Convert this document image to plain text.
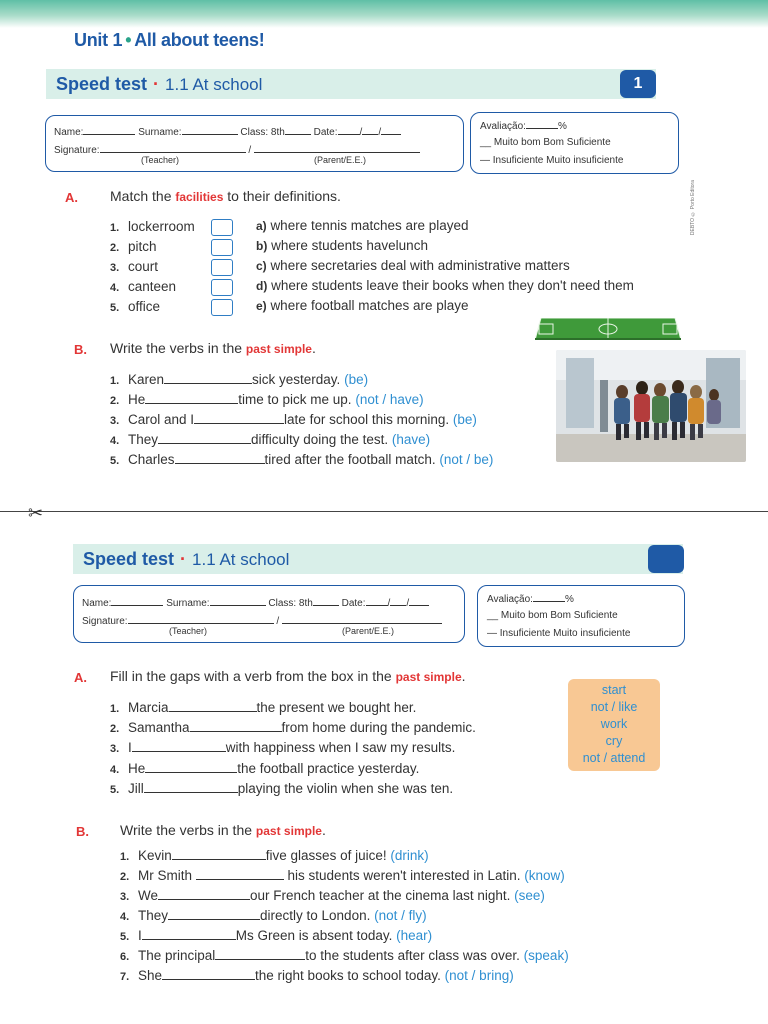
Unit 1 • All about teens!
Speed test · 1.1 At school	1
Name:	Surname:	Class: 8th	Date: / /
Signature:	/
(Teacher)	(Parent/E.E.)
Avaliação:	%
__ Muito bom Bom Suficiente
— Insuficiente Muito insuficiente
DEBTO © Porto Editora
A. Match the facilities to their definitions.
1. lockerroom
2. pitch
3. court
4. canteen
5. office
a) where tennis matches are played
b) where students havelunch
c) where secretaries deal with administrative matters
d) where students leave their books when they don't need them
e) where football matches are playe
B. Write the verbs in the past simple.
1. Karen	sick yesterday. (be)
2. He	time to pick me up. (not / have)
3. Carol and I	late for school this morning. (be)
4. They	difficulty doing the test. (have)
5. Charles	tired after the football match. (not / be)
✂
Speed test · 1.1 At school
Name:	Surname:	Class: 8th	Date: / /
Signature:	/
(Teacher)	(Parent/E.E.)
Avaliação:	%
__ Muito bom Bom Suficiente
— Insuficiente Muito insuficiente
A. Fill in the gaps with a verb from the box in the past simple.
1. Marcia	the present we bought her.
2. Samantha	from home during the pandemic.
3. I	with happiness when I saw my results.
4. He	the football practice yesterday.
5. Jill	playing the violin when she was ten.
start
not / like
work
cry
not / attend
B. Write the verbs in the past simple.
1. Kevin	five glasses of juice! (drink)
2. Mr Smith	his students weren't interested in Latin. (know)
3. We	our French teacher at the cinema last night. (see)
4. They	directly to London. (not / fly)
5. I	Ms Green is absent today. (hear)
6. The principal	to the students after class was over. (speak)
7. She	the right books to school today. (not / bring)
